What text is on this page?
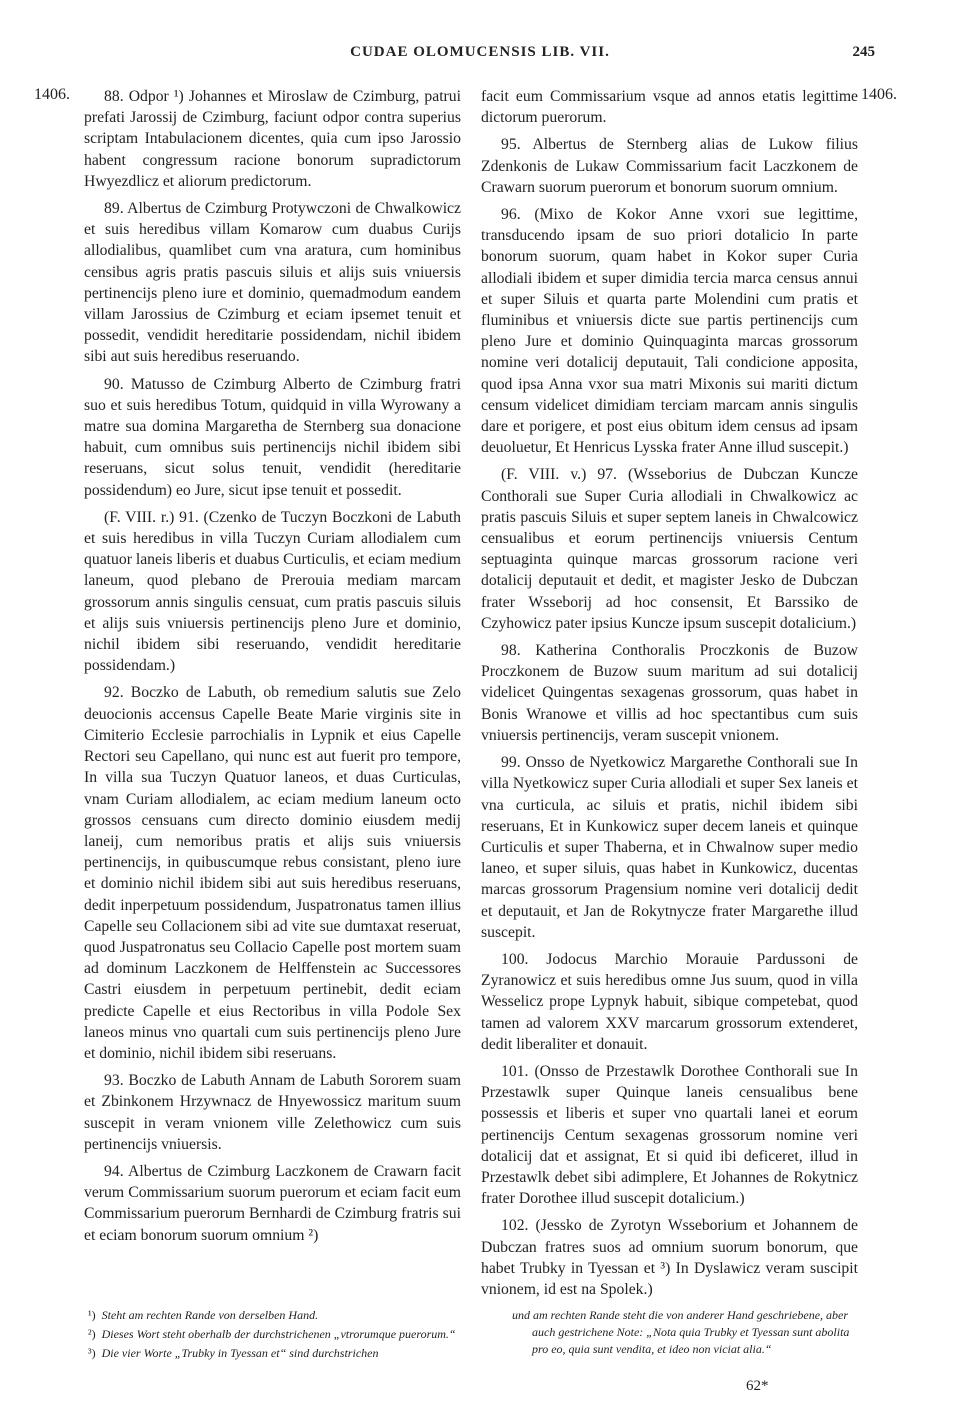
CUDAE OLOMUCENSIS LIB. VII.	245
1406.	1406.

88. Odpor ¹) Johannes et Miroslaw de Czimburg, patrui prefati Jarossij de Czimburg, faciunt odpor contra superius scriptam Intabulacionem dicentes, quia cum ipso Jarossio habent congressum racione bonorum supradictorum Hwyezdlicz et aliorum predictorum.

89. Albertus de Czimburg Protywczoni de Chwalkowicz et suis heredibus villam Komarow cum duabus Curijs allodialibus, quamlibet cum vna aratura, cum hominibus censibus agris pratis pascuis siluis et alijs suis vniuersis pertinencijs pleno iure et dominio, quemadmodum eandem villam Jarossius de Czimburg et eciam ipsemet tenuit et possedit, vendidit hereditarie possidendam, nichil ibidem sibi aut suis heredibus reseruando.

90. Matusso de Czimburg Alberto de Czimburg fratri suo et suis heredibus Totum, quidquid in villa Wyrowany a matre sua domina Margaretha de Sternberg sua donacione habuit, cum omnibus suis pertinencijs nichil ibidem sibi reseruans, sicut solus tenuit, vendidit (hereditarie possidendum) eo Jure, sicut ipse tenuit et possedit.

(F. VIII. r.) 91. (Czenko de Tuczyn Boczkoni de Labuth et suis heredibus in villa Tuczyn Curiam allodialem cum quatuor laneis liberis et duabus Curticulis, et eciam medium laneum, quod plebano de Prerouia mediam marcam grossorum annis singulis censuat, cum pratis pascuis siluis et alijs suis vniuersis pertinencijs pleno Jure et dominio, nichil ibidem sibi reseruando, vendidit hereditarie possidendam.)

92. Boczko de Labuth, ob remedium salutis sue Zelo deuocionis accensus Capelle Beate Marie virginis site in Cimiterio Ecclesie parrochialis in Lypnik et eius Capelle Rectori seu Capellano, qui nunc est aut fuerit pro tempore, In villa sua Tuczyn Quatuor laneos, et duas Curticulas, vnam Curiam allodialem, ac eciam medium laneum octo grossos censuans cum directo dominio eiusdem medij laneij, cum nemoribus pratis et alijs suis vniuersis pertinencijs, in quibuscumque rebus consistant, pleno iure et dominio nichil ibidem sibi aut suis heredibus reseruans, dedit inperpetuum possidendum, Juspatronatus tamen illius Capelle seu Collacionem sibi ad vite sue dumtaxat reseruat, quod Juspatronatus seu Collacio Capelle post mortem suam ad dominum Laczkonem de Helffenstein ac Successores Castri eiusdem in perpetuum pertinebit, dedit eciam predicte Capelle et eius Rectoribus in villa Podole Sex laneos minus vno quartali cum suis pertinencijs pleno Jure et dominio, nichil ibidem sibi reseruans.

93. Boczko de Labuth Annam de Labuth Sororem suam et Zbinkonem Hrzywnacz de Hnyewossicz maritum suum suscepit in veram vnionem ville Zelethowicz cum suis pertinencijs vniuersis.

94. Albertus de Czimburg Laczkonem de Crawarn facit verum Commissarium suorum puerorum et eciam facit eum Commissarium puerorum Bernhardi de Czimburg fratris sui et eciam bonorum suorum omnium ²)

facit eum Commissarium vsque ad annos etatis legittime dictorum puerorum.

95. Albertus de Sternberg alias de Lukow filius Zdenkonis de Lukaw Commissarium facit Laczkonem de Crawarn suorum puerorum et bonorum suorum omnium.

96. (Mixo de Kokor Anne vxori sue legittime, transducendo ipsam de suo priori dotalicio In parte bonorum suorum, quam habet in Kokor super Curia allodiali ibidem et super dimidia tercia marca census annui et super Siluis et quarta parte Molendini cum pratis et fluminibus et vniuersis dicte sue partis pertinencijs cum pleno Jure et dominio Quinquaginta marcas grossorum nomine veri dotalicij deputauit, Tali condicione apposita, quod ipsa Anna vxor sua matri Mixonis sui mariti dictum censum videlicet dimidiam terciam marcam annis singulis dare et porigere, et post eius obitum idem census ad ipsam deuoluetur, Et Henricus Lysska frater Anne illud suscepit.)

(F. VIII. v.) 97. (Wsseborius de Dubczan Kuncze Conthorali sue Super Curia allodiali in Chwalkowicz ac pratis pascuis Siluis et super septem laneis in Chwalcowicz censualibus et eorum pertinencijs vniuersis Centum septuaginta quinque marcas grossorum racione veri dotalicij deputauit et dedit, et magister Jesko de Dubczan frater Wsseborij ad hoc consensit, Et Barssiko de Czyhowicz pater ipsius Kuncze ipsum suscepit dotalicium.)

98. Katherina Conthoralis Proczkonis de Buzow Proczkonem de Buzow suum maritum ad sui dotalicij videlicet Quingentas sexagenas grossorum, quas habet in Bonis Wranowe et villis ad hoc spectantibus cum suis vniuersis pertinencijs, veram suscepit vnionem.

99. Onsso de Nyetkowicz Margarethe Conthorali sue In villa Nyetkowicz super Curia allodiali et super Sex laneis et vna curticula, ac siluis et pratis, nichil ibidem sibi reseruans, Et in Kunkowicz super decem laneis et quinque Curticulis et super Thaberna, et in Chwalnow super medio laneo, et super siluis, quas habet in Kunkowicz, ducentas marcas grossorum Pragensium nomine veri dotalicij dedit et deputauit, et Jan de Rokytnycze frater Margarethe illud suscepit.

100. Jodocus Marchio Morauie Pardussoni de Zyranowicz et suis heredibus omne Jus suum, quod in villa Wesselicz prope Lypnyk habuit, sibique competebat, quod tamen ad valorem XXV marcarum grossorum extenderet, dedit liberaliter et donauit.

101. (Onsso de Przestawlk Dorothee Conthorali sue In Przestawlk super Quinque laneis censualibus bene possessis et liberis et super vno quartali lanei et eorum pertinencijs Centum sexagenas grossorum nomine veri dotalicij dat et assignat, Et si quid ibi deficeret, illud in Przestawlk debet sibi adimplere, Et Johannes de Rokytnicz frater Dorothee illud suscepit dotalicium.)

102. (Jessko de Zyrotyn Wsseborium et Johannem de Dubczan fratres suos ad omnium suorum bonorum, que habet Trubky in Tyessan et ³) In Dyslawicz veram suscipit vnionem, id est na Spolek.)

¹) Steht am rechten Rande von derselben Hand.

²) Dieses Wort steht oberhalb der durchstrichenen „vtrorumque puerorum.“

³) Die vier Worte „Trubky in Tyessan et“ sind durchstrichen

und am rechten Rande steht die von anderer Hand geschriebene, aber auch gestrichene Note: „Nota quia Trubky et Tyessan sunt abolita pro eo, quia sunt vendita, et ideo non viciat alia.“

62*
